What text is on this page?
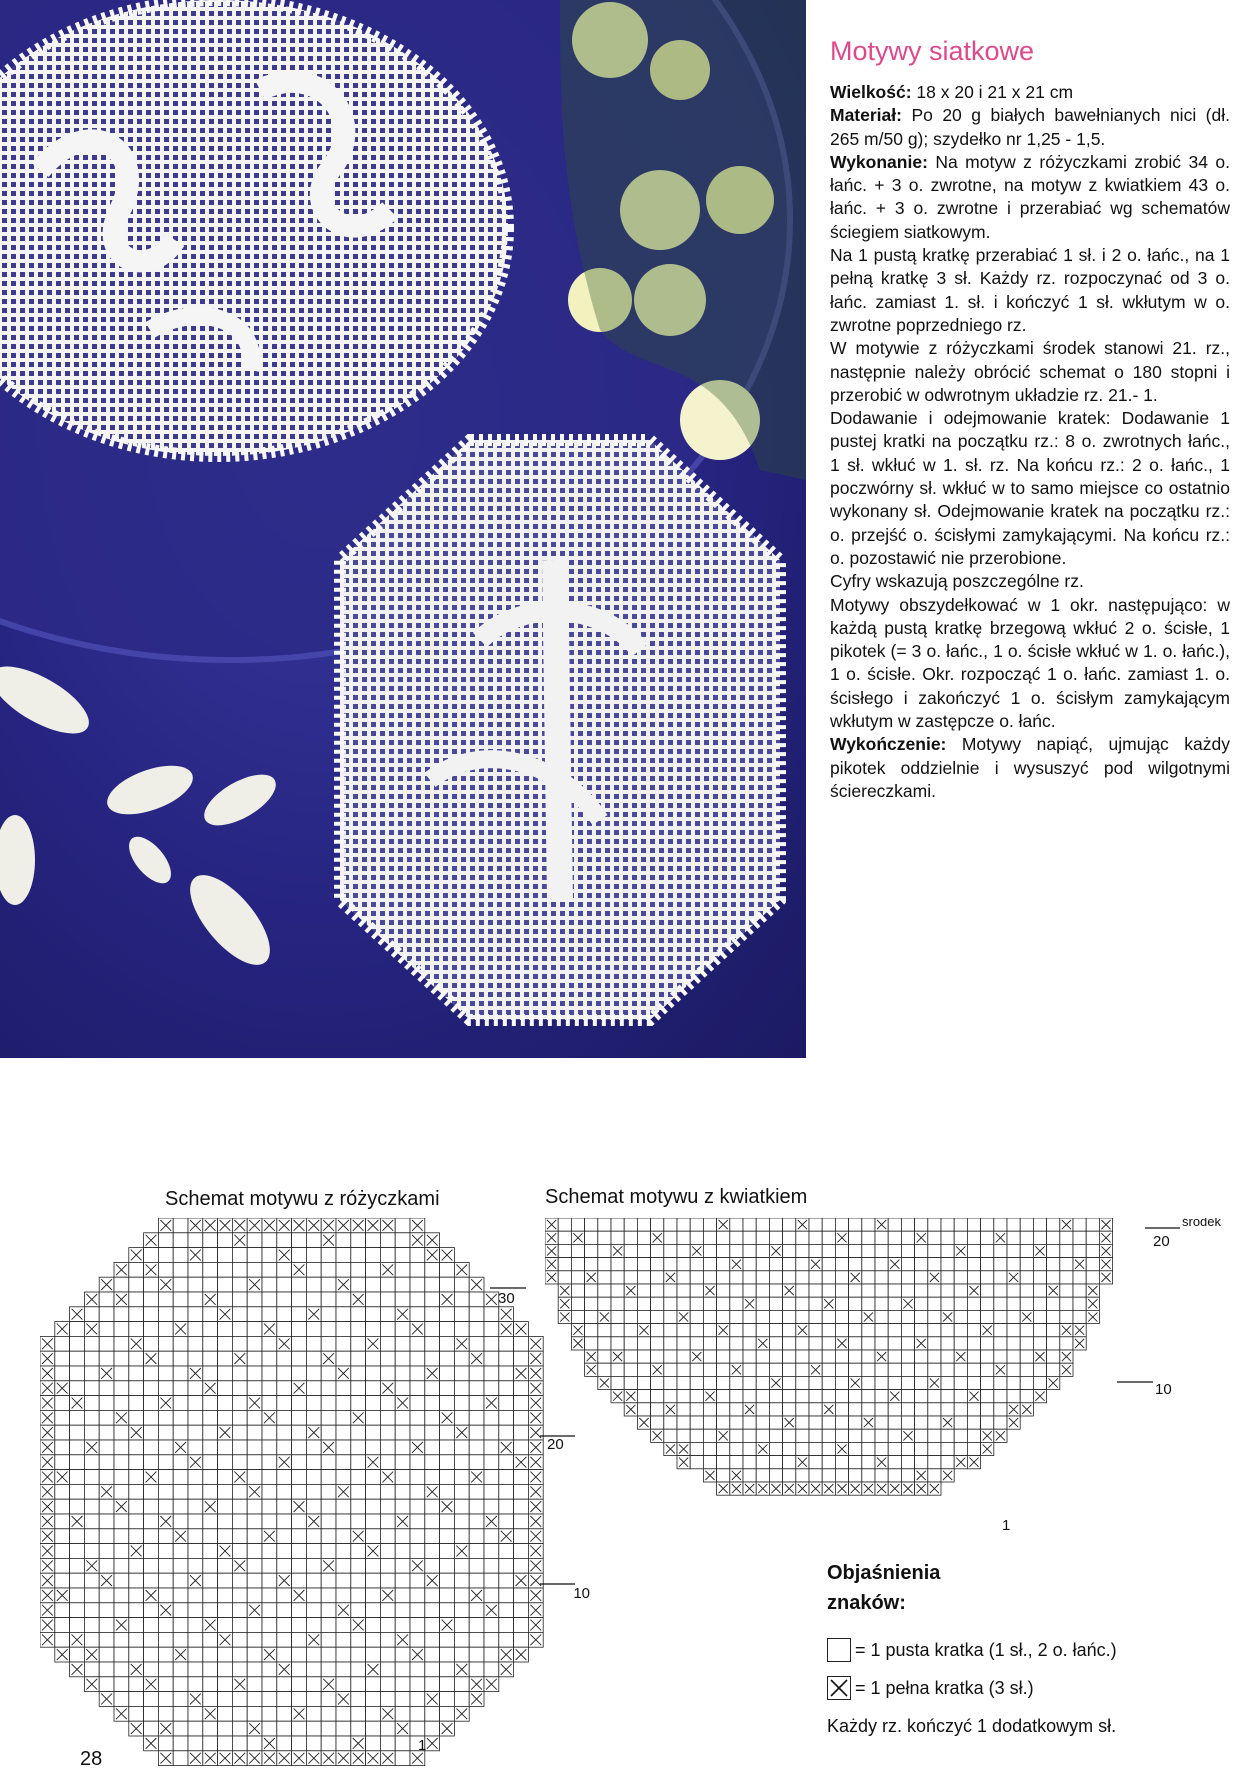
Motywy siatkowe

Wielkość: 18 x 20 i 21 x 21 cm

Materiał: Po 20 g białych bawełnianych nici (dł. 265 m/50 g); szydełko nr 1,25 - 1,5.

Wykonanie: Na motyw z różyczkami zrobić 34 o. łańc. + 3 o. zwrotne, na motyw z kwiatkiem 43 o. łańc. + 3 o. zwrotne i przerabiać wg schematów ściegiem siatkowym.

Na 1 pustą kratkę przerabiać 1 sł. i 2 o. łańc., na 1 pełną kratkę 3 sł. Każdy rz. rozpoczynać od 3 o. łańc. zamiast 1. sł. i kończyć 1 sł. wkłutym w o. zwrotne poprzedniego rz.

W motywie z różyczkami środek stanowi 21. rz., następnie należy obrócić schemat o 180 stopni i przerobić w odwrotnym układzie rz. 21.- 1.

Dodawanie i odejmowanie kratek: Dodawanie 1 pustej kratki na początku rz.: 8 o. zwrotnych łańc., 1 sł. wkłuć w 1. sł. rz. Na końcu rz.: 2 o. łańc., 1 poczwórny sł. wkłuć w to samo miejsce co ostatnio wykonany sł. Odejmowanie kratek na początku rz.: o. przejść o. ścisłymi zamykającymi. Na końcu rz.: o. pozostawić nie przerobione.

Cyfry wskazują poszczególne rz.

Motywy obszydełkować w 1 okr. następująco: w każdą pustą kratkę brzegową wkłuć 2 o. ścisłe, 1 pikotek (= 3 o. łańc., 1 o. ścisłe wkłuć w 1. o. łańc.), 1 o. ścisłe. Okr. rozpocząć 1 o. łańc. zamiast 1. o. ścisłego i zakończyć 1 o. ścisłym zamykającym wkłutym w zastępcze o. łańc.

Wykończenie: Motywy napiąć, ujmując każdy pikotek oddzielnie i wysuszyć pod wilgotnymi ściereczkami.

Schemat motywu z różyczkami	Schemat motywu z kwiatkiem
30
20
10
1
środek
20
10
1
Objaśnienia
znaków:
= 1 pusta kratka (1 sł., 2 o. łańc.)
= 1 pełna kratka (3 sł.)
Każdy rz. kończyć 1 dodatkowym sł.
28
